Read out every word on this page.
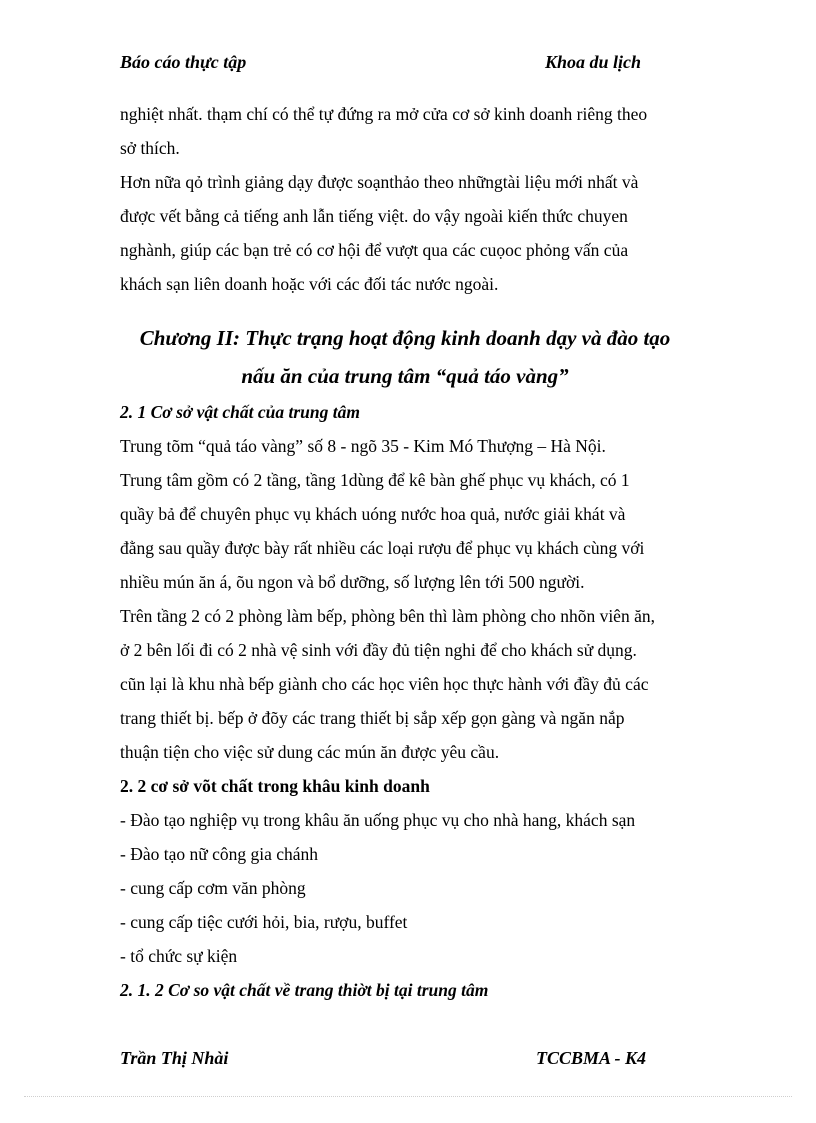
Báo cáo thực tập	Khoa du lịch

nghiệt nhất. thạm chí có thể tự đứng ra mở cửa cơ sở kinh doanh riêng theo

sở thích.

Hơn nữa qỏ trình giảng dạy được soạnthảo theo nhữngtài liệu mới nhất và

được vết bằng cả tiếng anh lẫn tiếng việt. do vậy ngoài kiến thức chuyen

nghành, giúp các bạn trẻ có cơ hội để vượt qua các cuọoc phỏng vấn của

khách sạn liên doanh hoặc với các đối tác nước ngoài.

Chương II: Thực trạng hoạt động kinh doanh dạy và đào tạo
nấu ăn của trung tâm “quả táo vàng”
2. 1 Cơ sở vật chất của trung tâm

Trung tõm “quả táo vàng” số 8 - ngõ 35 - Kim Mó Thượng – Hà Nội.

Trung tâm gồm có 2 tầng, tầng 1dùng để kê bàn ghế phục vụ khách, có 1

quầy bả để chuyên phục vụ khách uóng nước hoa quả, nước giải khát và

đằng sau quầy được bày rất nhiều các loại rượu để phục vụ khách cùng với

nhiều mún ăn á, õu ngon và bổ dưỡng, số lượng lên tới 500 người.

Trên tầng 2 có 2 phòng làm bếp, phòng bên thì làm phòng cho nhõn viên ăn,

ở 2 bên lối đi có 2 nhà vệ sinh với đầy đủ tiện nghi để cho khách sử dụng.

cũn lại là khu nhà bếp giành cho các học viên học thực hành với đầy đủ các

trang thiết bị. bếp ở đõy các trang thiết bị sắp xếp gọn gàng và ngăn nắp

thuận tiện cho việc sử dung các mún ăn được yêu cầu.

2. 2 cơ sở võt chất trong khâu kinh doanh

- Đào tạo nghiệp vụ trong khâu ăn uống phục vụ cho nhà hang, khách sạn

- Đào tạo nữ công gia chánh

- cung cấp cơm văn phòng

- cung cấp tiệc cưới hỏi, bia, rượu, buffet

- tổ chức sự kiện

2. 1. 2 Cơ so vật chất về trang thiờt bị tại trung tâm
Trần Thị Nhài	TCCBMA - K4
